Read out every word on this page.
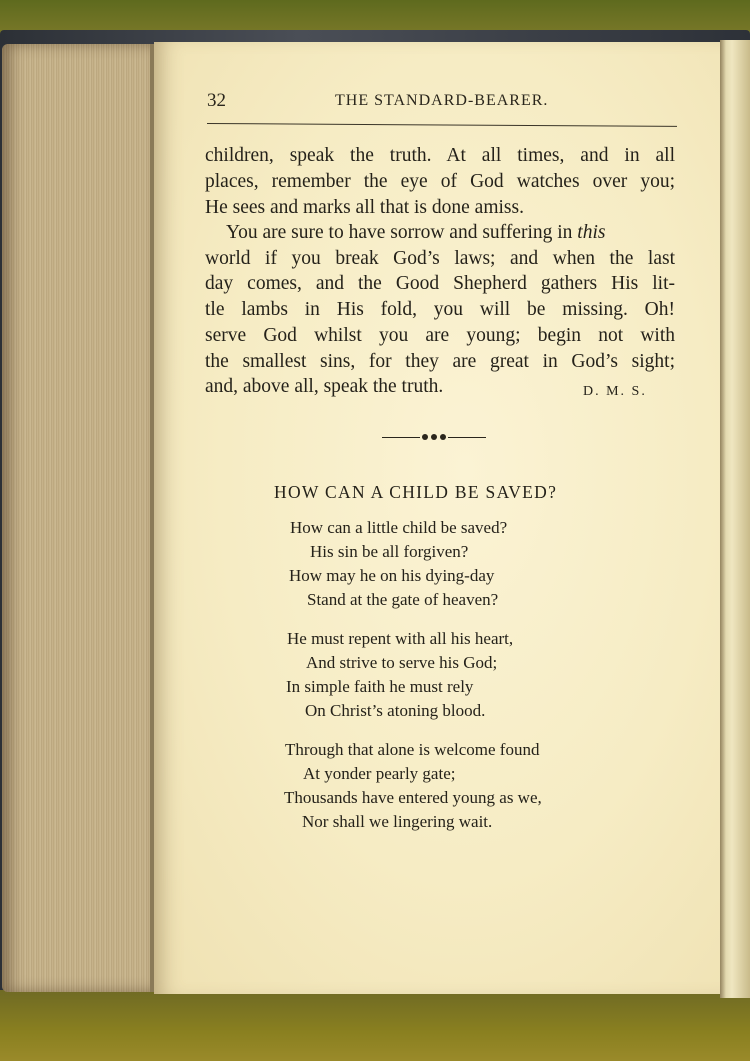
32	THE STANDARD-BEARER.
children, speak the truth. At all times, and in all
places, remember the eye of God watches over you;
He sees and marks all that is done amiss.
You are sure to have sorrow and suffering in this
world if you break God’s laws; and when the last
day comes, and the Good Shepherd gathers His lit-
tle lambs in His fold, you will be missing. Oh!
serve God whilst you are young; begin not with
the smallest sins, for they are great in God’s sight;
and, above all, speak the truth.	D. M. S.
HOW CAN A CHILD BE SAVED?
How can a little child be saved?
His sin be all forgiven?
How may he on his dying-day
Stand at the gate of heaven?
He must repent with all his heart,
And strive to serve his God;
In simple faith he must rely
On Christ’s atoning blood.
Through that alone is welcome found
At yonder pearly gate;
Thousands have entered young as we,
Nor shall we lingering wait.
